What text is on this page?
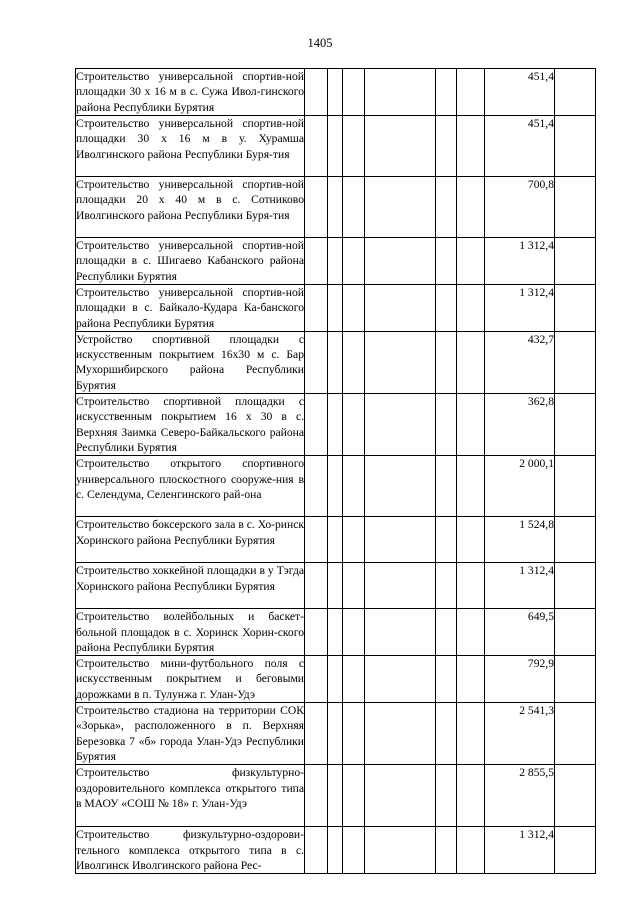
1405
Строительство универсальной спортив-ной площадки 30 х 16 м в с. Сужа Ивол-гинского района Республики Бурятия							451,4	
Строительство универсальной спортив-ной площадки 30 х 16 м в у. Хурамша Иволгинского района Республики Буря-тия							451,4	
Строительство универсальной спортив-ной площадки 20 х 40 м в с. Сотниково Иволгинского района Республики Буря-тия							700,8	
Строительство универсальной спортив-ной площадки в с. Шигаево Кабанского района Республики Бурятия							1 312,4	
Строительство универсальной спортив-ной площадки в с. Байкало-Кудара Ка-банского района Республики Бурятия							1 312,4	
Устройство спортивной площадки с искусственным покрытием 16х30 м с. Бар Мухоршибирского района Республики Бурятия							432,7	
Строительство спортивной площадки с искусственным покрытием 16 х 30 в с. Верхняя Заимка Северо-Байкальского района Республики Бурятия							362,8	
Строительство открытого спортивного универсального плоскостного сооруже-ния в с. Селендума, Селенгинского рай-она							2 000,1	
Строительство боксерского зала в с. Хо-ринск Хоринского района Республики Бурятия							1 524,8	
Строительство хоккейной площадки в у Тэгда Хоринского района Республики Бурятия							1 312,4	
Строительство волейбольных и баскет-больной площадок в с. Хоринск Хорин-ского района Республики Бурятия							649,5	
Строительство мини-футбольного поля с искусственным покрытием и беговыми дорожками в п. Тулунжа г. Улан-Удэ							792,9	
Строительство стадиона на территории СОК «Зорька», расположенного в п. Верхняя Березовка 7 «б» города Улан-Удэ Республики Бурятия							2 541,3	
Строительство физкультурно-оздоровительного комплекса открытого типа в МАОУ «СОШ № 18» г. Улан-Удэ							2 855,5	
Строительство физкультурно-оздорови-тельного комплекса открытого типа в с. Иволгинск Иволгинского района Рес-							1 312,4	
